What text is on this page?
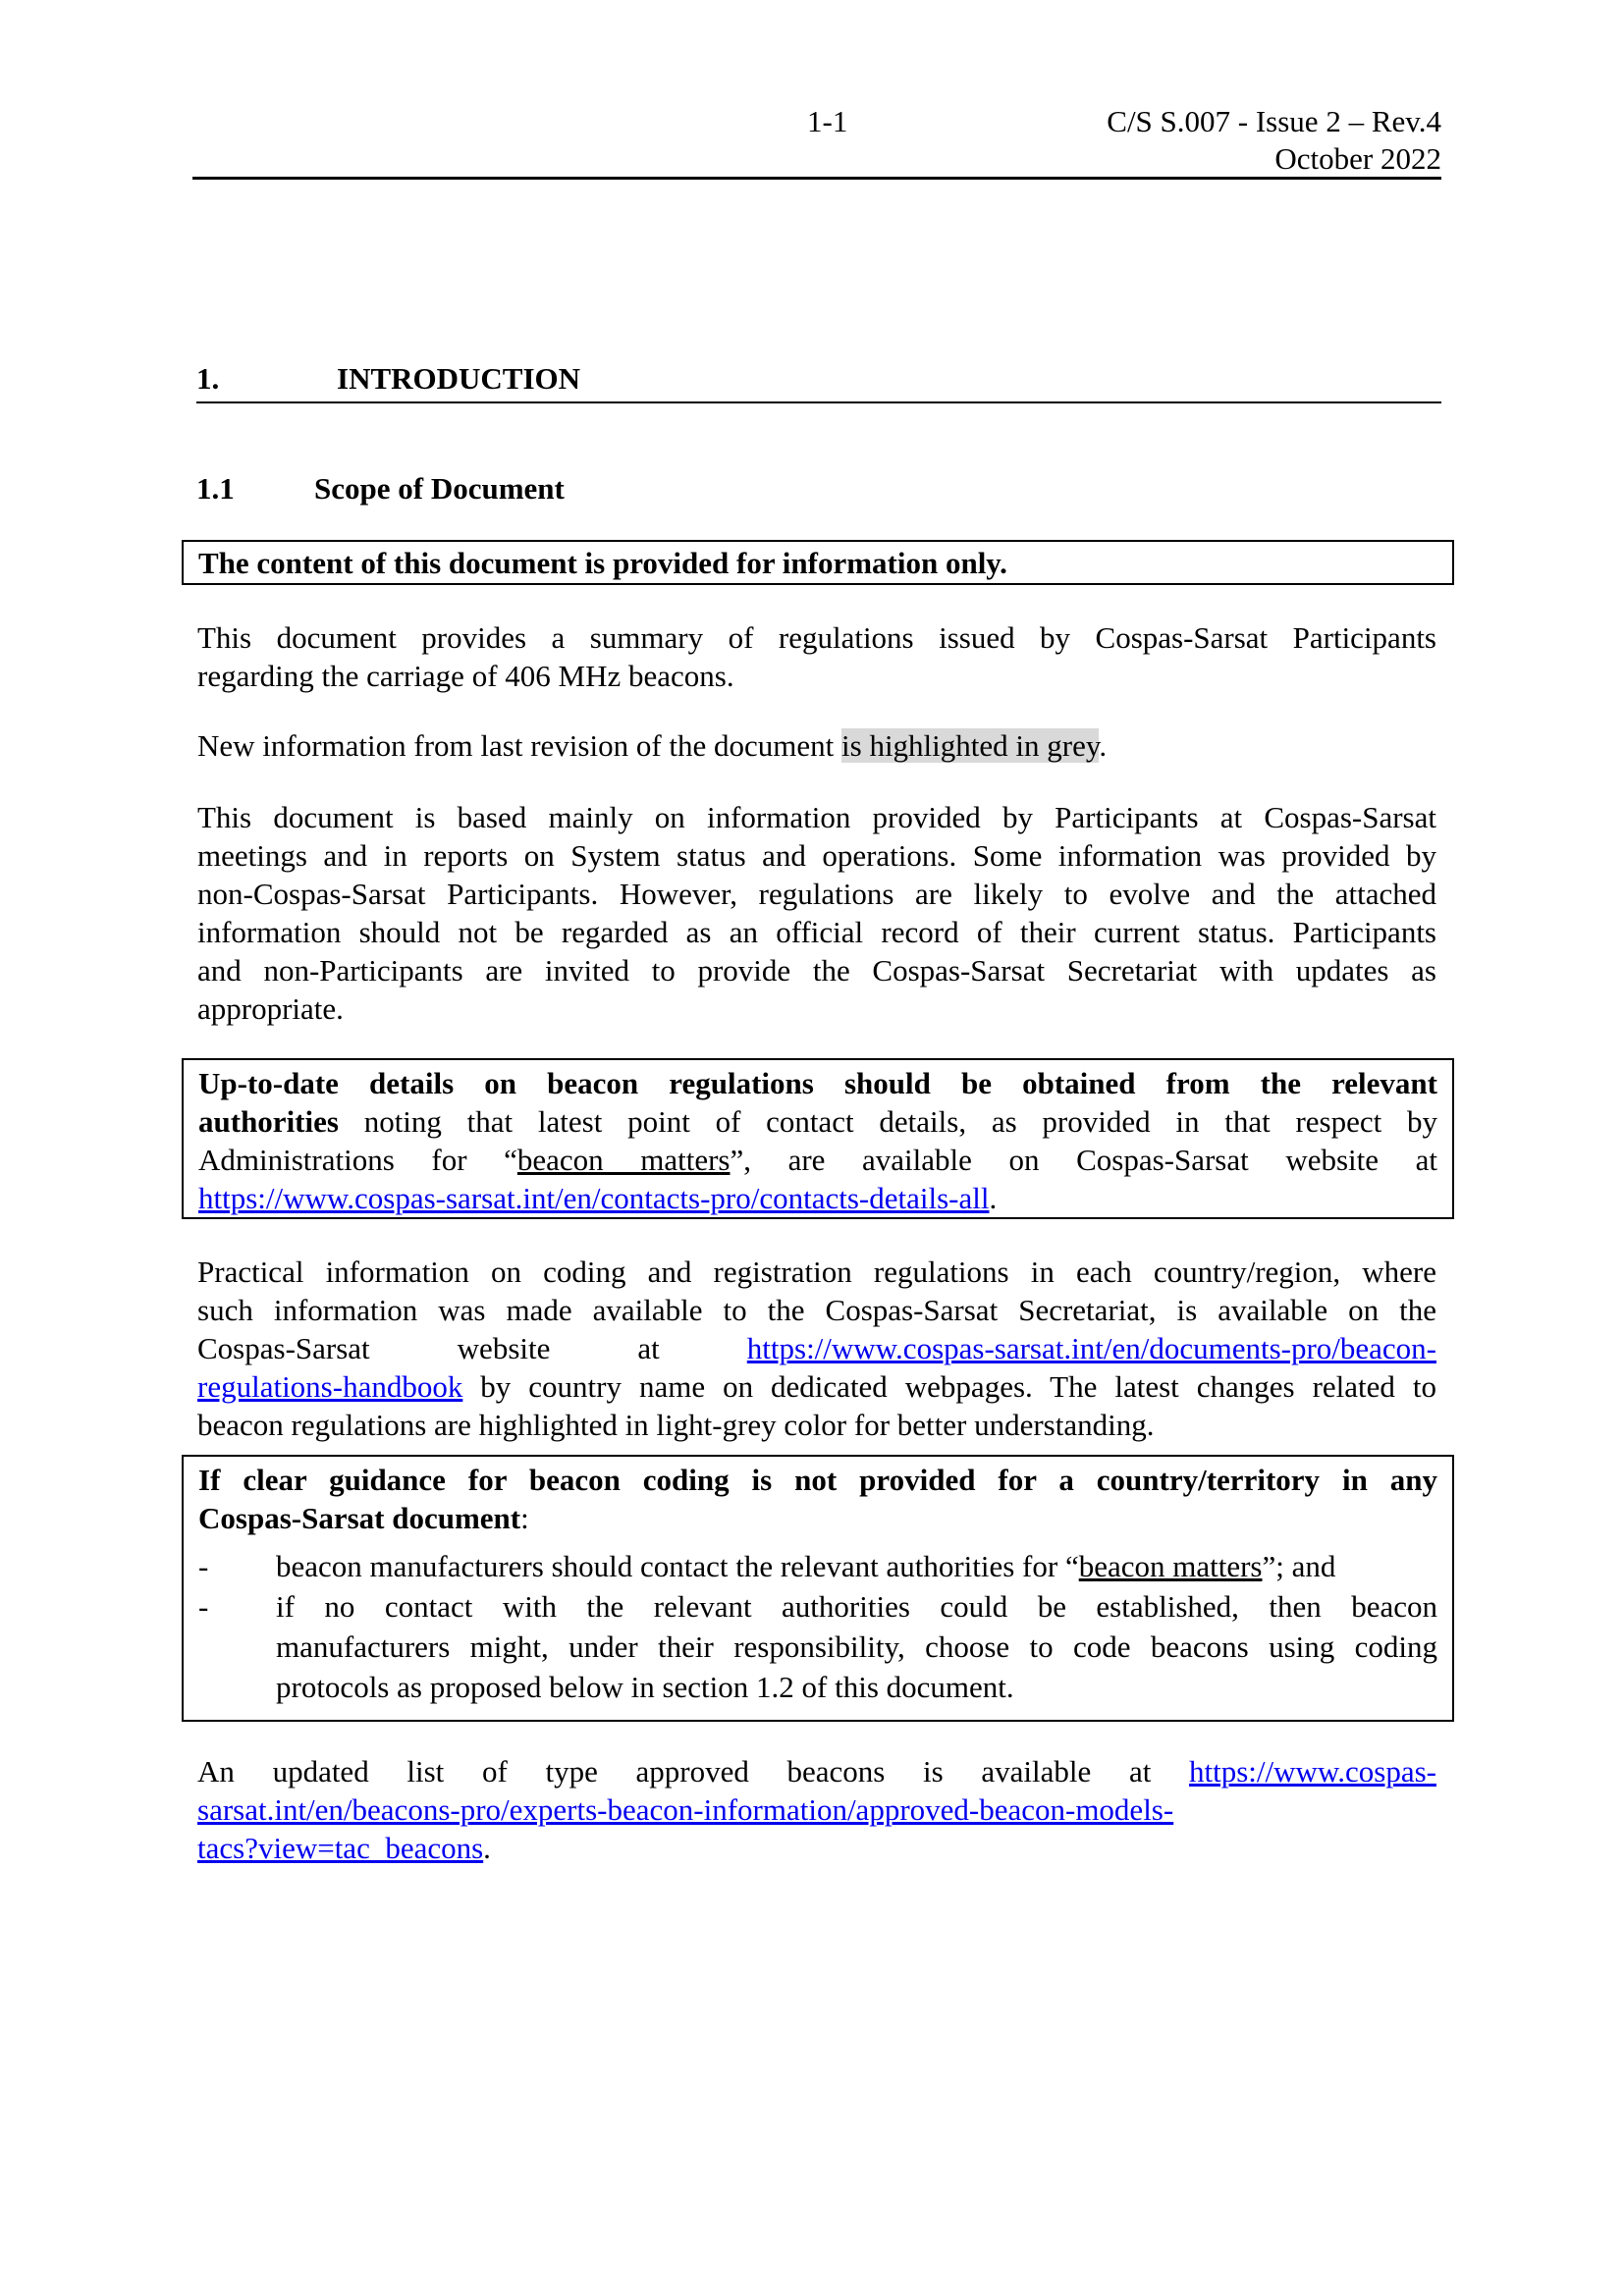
1-1	C/S S.007 - Issue 2 – Rev.4
October 2022
1.	INTRODUCTION
1.1	Scope of Document
The content of this document is provided for information only.
This document provides a summary of regulations issued by Cospas-Sarsat Participants
regarding the carriage of 406 MHz beacons.
New information from last revision of the document is highlighted in grey.
This document is based mainly on information provided by Participants at Cospas-Sarsat
meetings and in reports on System status and operations. Some information was provided by
non-Cospas-Sarsat Participants. However, regulations are likely to evolve and the attached
information should not be regarded as an official record of their current status. Participants
and non-Participants are invited to provide the Cospas-Sarsat Secretariat with updates as
appropriate.
Up-to-date details on beacon regulations should be obtained from the relevant
authorities noting that latest point of contact details, as provided in that respect by
Administrations for “beacon matters”, are available on Cospas-Sarsat website at
https://www.cospas-sarsat.int/en/contacts-pro/contacts-details-all.
Practical information on coding and registration regulations in each country/region, where
such information was made available to the Cospas-Sarsat Secretariat, is available on the
Cospas-Sarsat website at https://www.cospas-sarsat.int/en/documents-pro/beacon-
regulations-handbook by country name on dedicated webpages. The latest changes related to
beacon regulations are highlighted in light-grey color for better understanding.
If clear guidance for beacon coding is not provided for a country/territory in any
Cospas-Sarsat document:
- beacon manufacturers should contact the relevant authorities for “beacon matters”; and
- if no contact with the relevant authorities could be established, then beacon
manufacturers might, under their responsibility, choose to code beacons using coding
protocols as proposed below in section 1.2 of this document.
An updated list of type approved beacons is available at https://www.cospas-
sarsat.int/en/beacons-pro/experts-beacon-information/approved-beacon-models-
tacs?view=tac_beacons.
